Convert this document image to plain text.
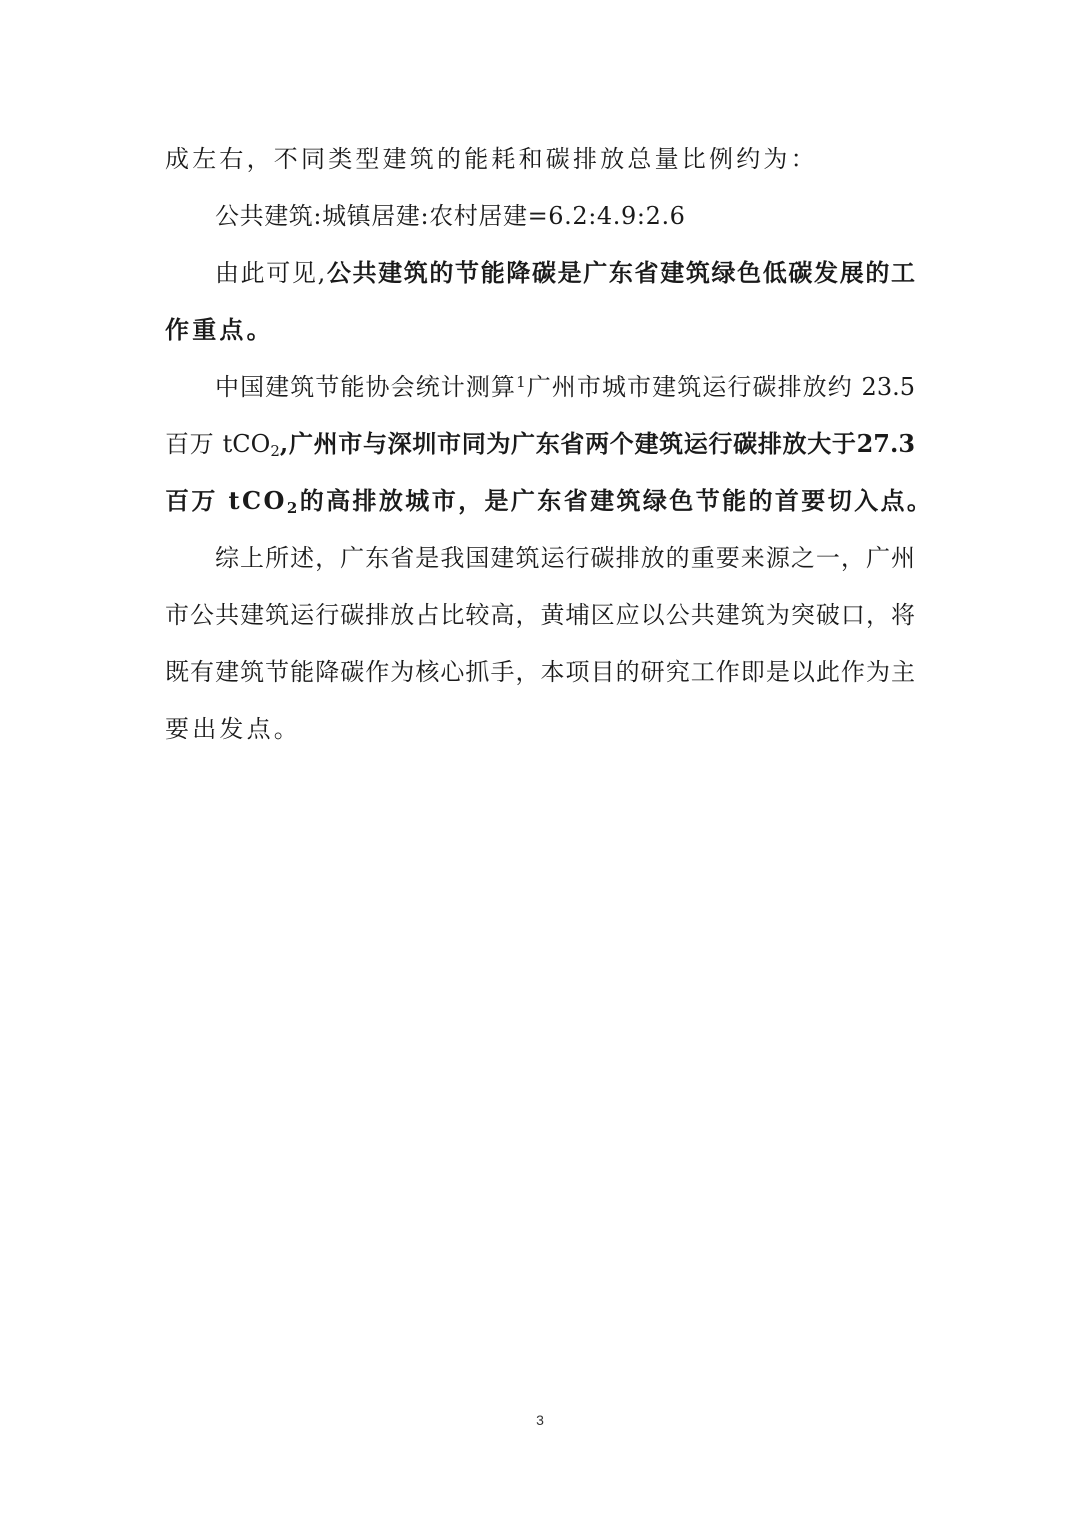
成左右，不同类型建筑的能耗和碳排放总量比例约为：
公共建筑:城镇居建:农村居建=6.2:4.9:2.6
由此可见,公共建筑的节能降碳是广东省建筑绿色低碳发展的工
作重点。
中国建筑节能协会统计测算$^1$广州市城市建筑运行碳排放约 23.5
百万 tCO$_2$,广州市与深圳市同为广东省两个建筑运行碳排放大于27.3
百万 tCO$_2$的高排放城市，是广东省建筑绿色节能的首要切入点。
综上所述，广东省是我国建筑运行碳排放的重要来源之一，广州
市公共建筑运行碳排放占比较高，黄埔区应以公共建筑为突破口，将
既有建筑节能降碳作为核心抓手，本项目的研究工作即是以此作为主
要出发点。
3
